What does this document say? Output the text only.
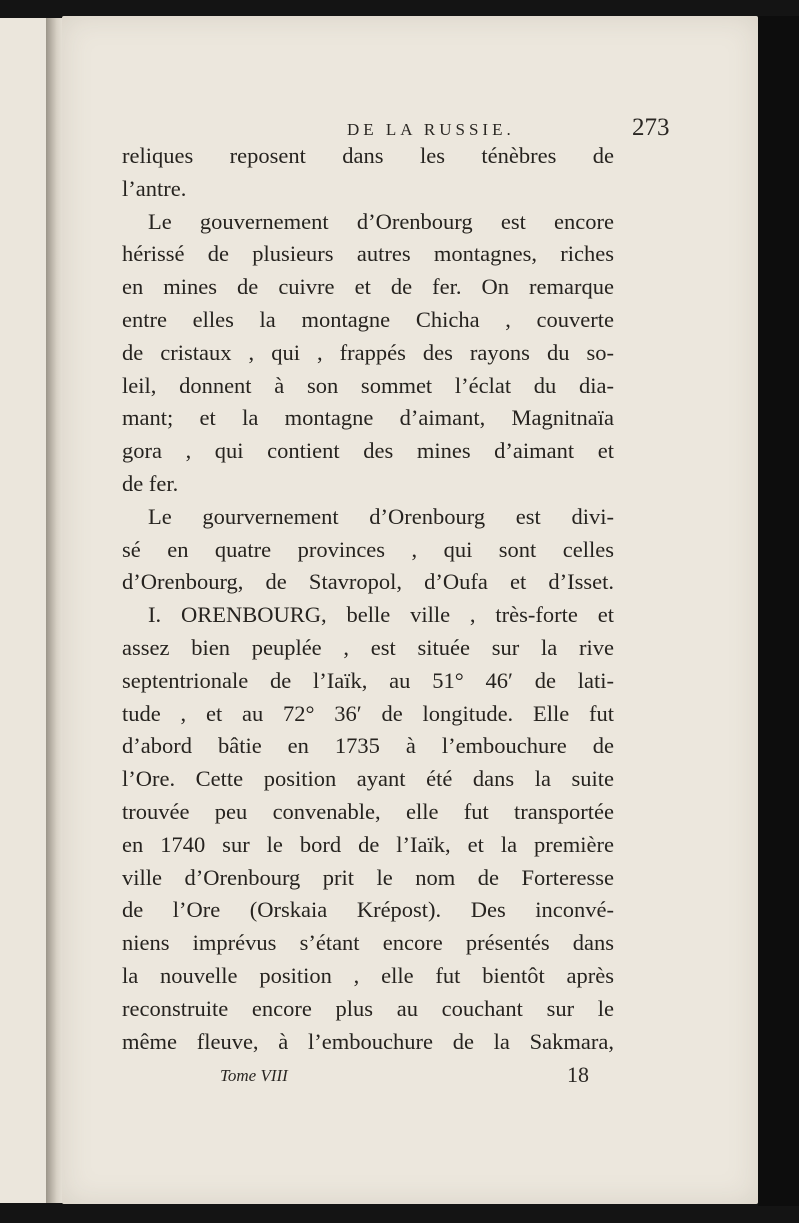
DE LA RUSSIE.	273
Tome VIII	18
reliques reposent dans les ténèbres de
l’antre.
Le gouvernement d’Orenbourg est encore
hérissé de plusieurs autres montagnes, riches
en mines de cuivre et de fer. On remarque
entre elles la montagne Chicha , couverte
de cristaux , qui , frappés des rayons du so-
leil, donnent à son sommet l’éclat du dia-
mant; et la montagne d’aimant, Magnitnaïa
gora , qui contient des mines d’aimant et
de fer.
Le gourvernement d’Orenbourg est divi-
sé en quatre provinces , qui sont celles
d’Orenbourg, de Stavropol, d’Oufa et d’Isset.
I. ORENBOURG, belle ville , très-forte et
assez bien peuplée , est située sur la rive
septentrionale de l’Iaïk, au 51° 46′ de lati-
tude , et au 72° 36′ de longitude. Elle fut
d’abord bâtie en 1735 à l’embouchure de
l’Ore. Cette position ayant été dans la suite
trouvée peu convenable, elle fut transportée
en 1740 sur le bord de l’Iaïk, et la première
ville d’Orenbourg prit le nom de Forteresse
de l’Ore (Orskaia Krépost). Des inconvé-
niens imprévus s’étant encore présentés dans
la nouvelle position , elle fut bientôt après
reconstruite encore plus au couchant sur le
même fleuve, à l’embouchure de la Sakmara,
